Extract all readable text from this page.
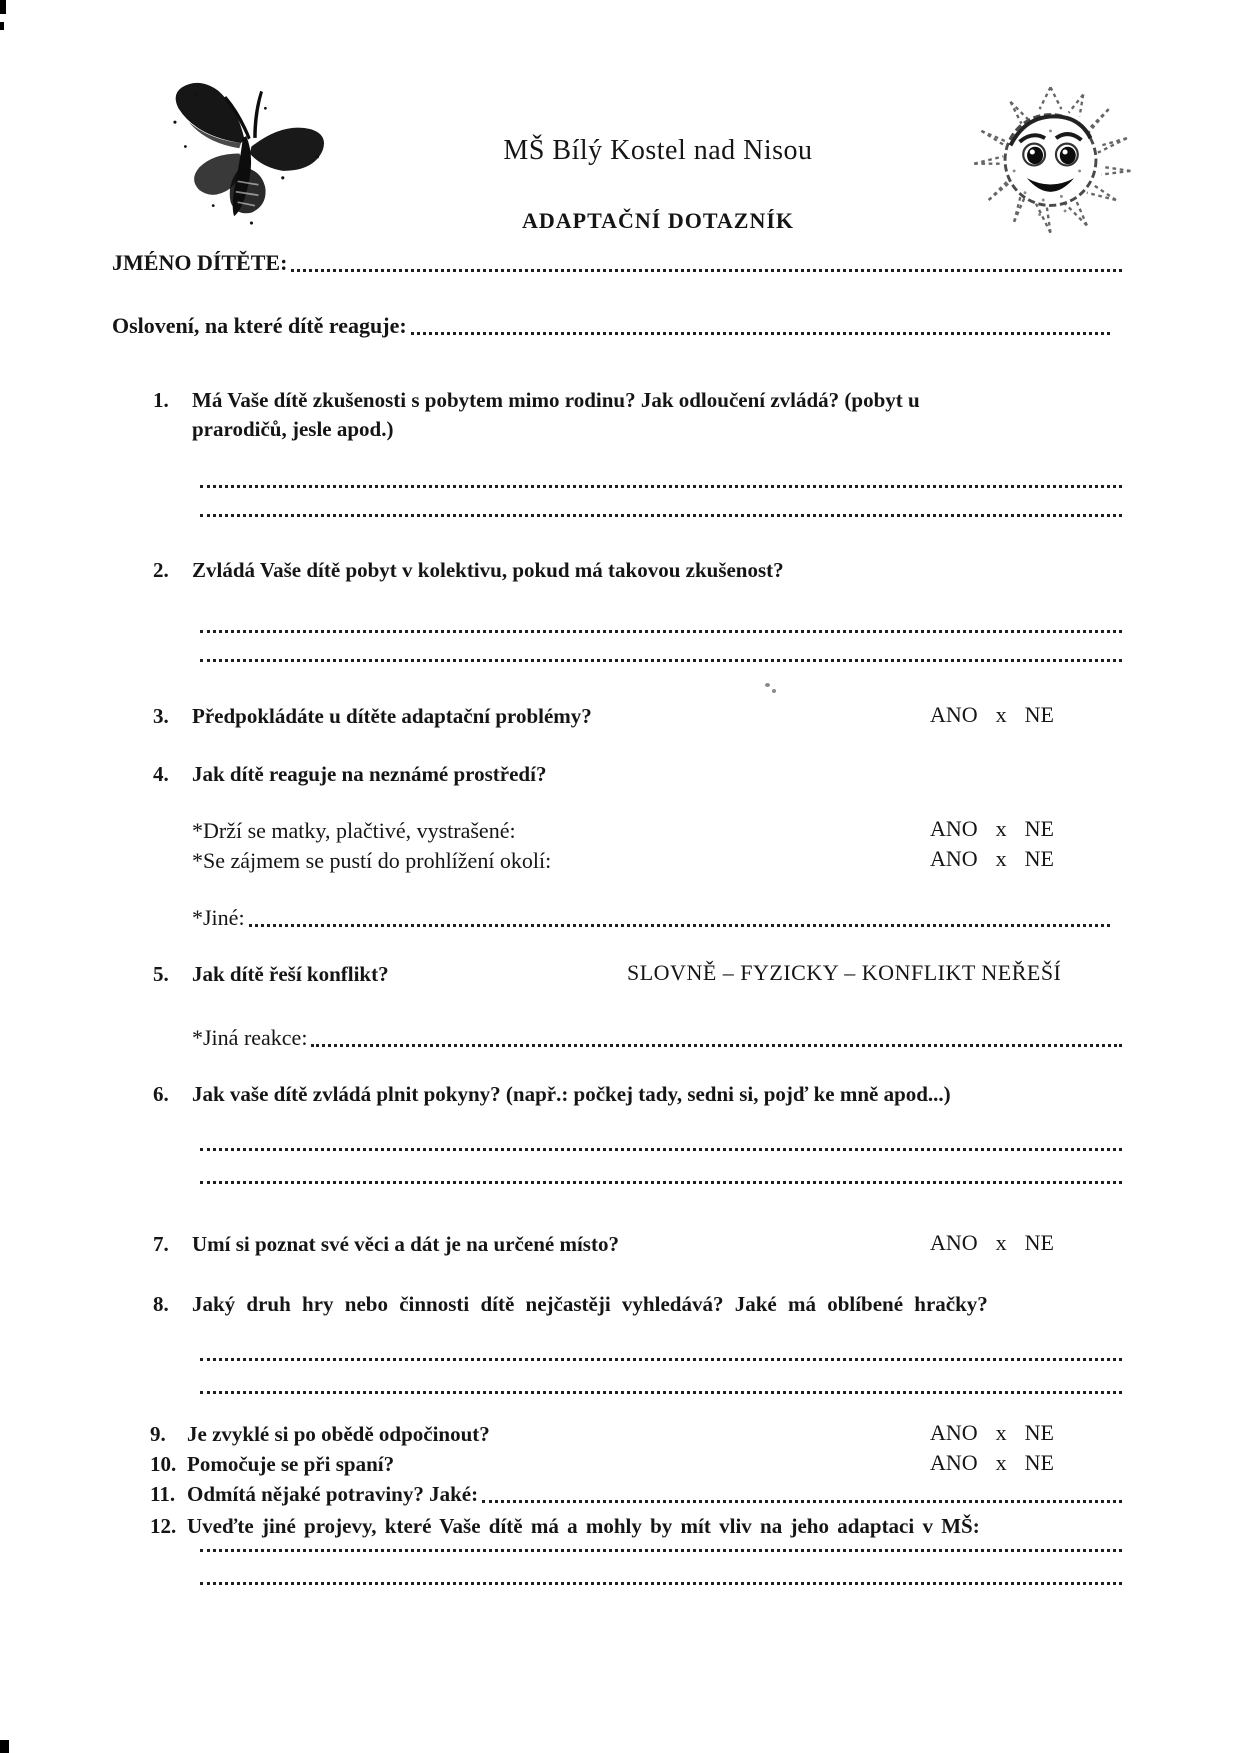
MŠ Bílý Kostel nad Nisou
ADAPTAČNÍ DOTAZNÍK
JMÉNO DÍTĚTE:
Oslovení, na které dítě reaguje:
1.	Má Vaše dítě zkušenosti s pobytem mimo rodinu? Jak odloučení zvládá? (pobyt u
prarodičů, jesle apod.)
2.	Zvládá Vaše dítě pobyt v kolektivu, pokud má takovou zkušenost?
3.	Předpokládáte u dítěte adaptační problémy?	ANO x NE
4.	Jak dítě reaguje na neznámé prostředí?
*Drží se matky, plačtivé, vystrašené:	ANO x NE
*Se zájmem se pustí do prohlížení okolí:	ANO x NE
*Jiné:
5.	Jak dítě řeší konflikt?	SLOVNĚ – FYZICKY – KONFLIKT NEŘEŠÍ
*Jiná reakce:
6.	Jak vaše dítě zvládá plnit pokyny? (např.: počkej tady, sedni si, pojď ke mně apod...)
7.	Umí si poznat své věci a dát je na určené místo?	ANO x NE
8.	Jaký druh hry nebo činnosti dítě nejčastěji vyhledává? Jaké má oblíbené hračky?
9.	Je zvyklé si po obědě odpočinout?	ANO x NE
10. Pomočuje se při spaní?	ANO x NE
11. Odmítá nějaké potraviny? Jaké:
12. Uveďte jiné projevy, které Vaše dítě má a mohly by mít vliv na jeho adaptaci v MŠ:
